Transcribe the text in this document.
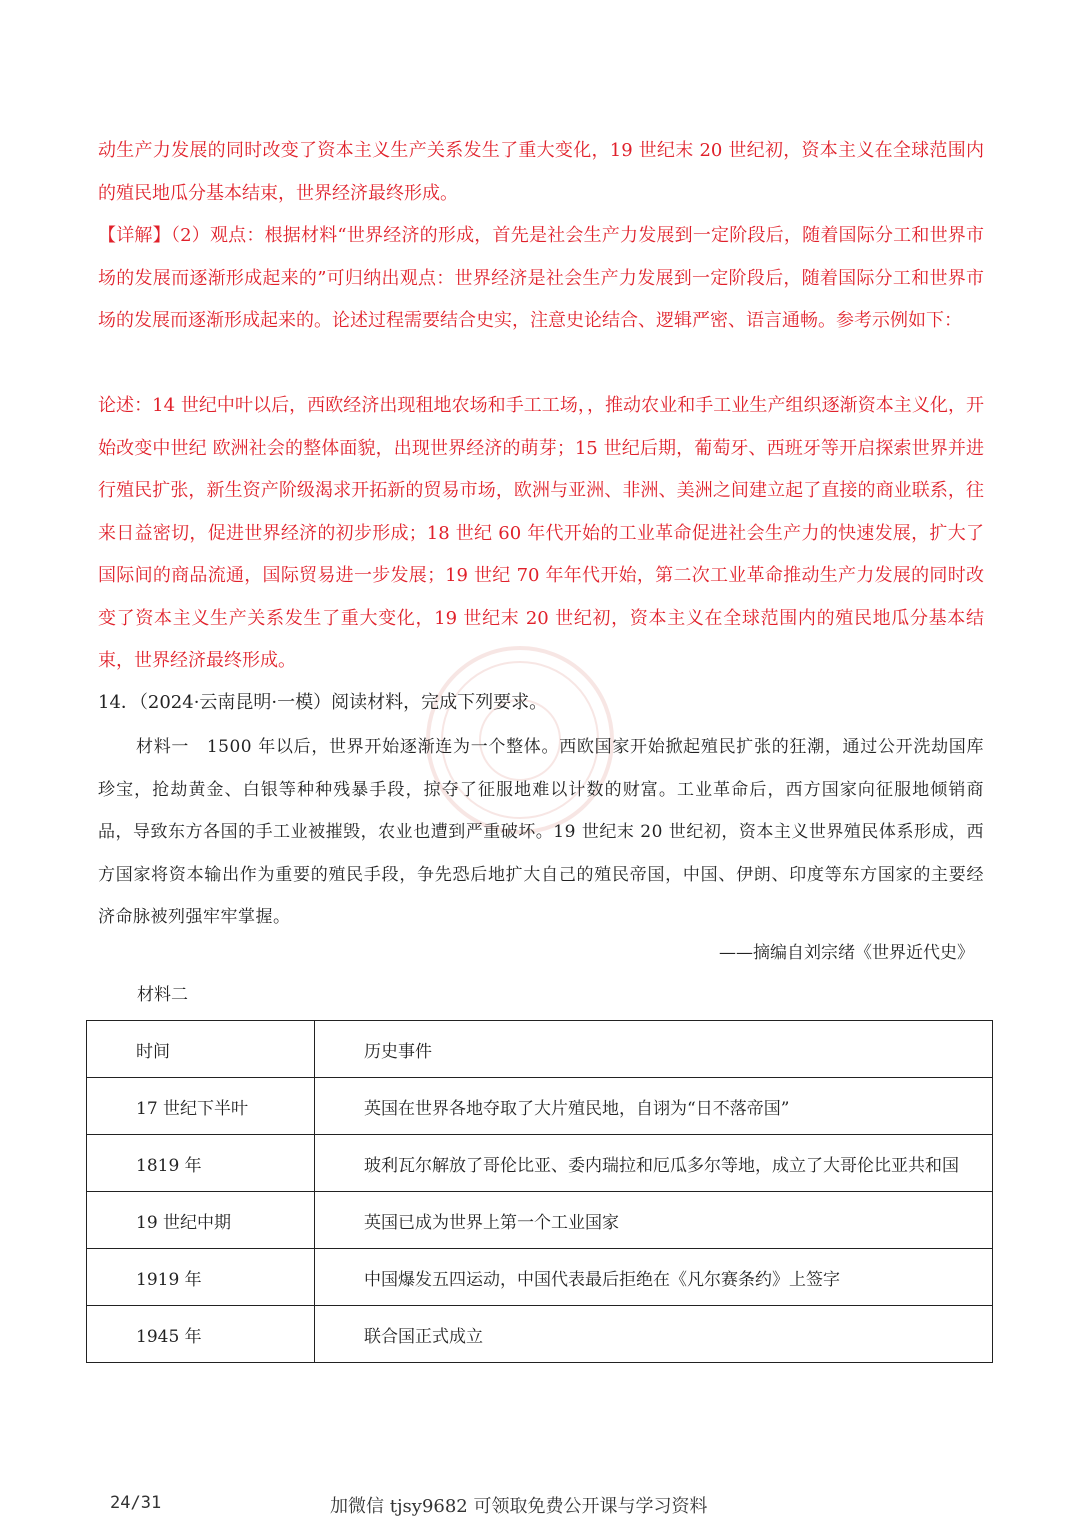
动生产力发展的同时改变了资本主义生产关系发生了重大变化，19 世纪末 20 世纪初，资本主义在全球范围内的殖民地瓜分基本结束，世界经济最终形成。

【详解】（2）观点：根据材料“世界经济的形成，首先是社会生产力发展到一定阶段后，随着国际分工和世界市场的发展而逐渐形成起来的”可归纳出观点：世界经济是社会生产力发展到一定阶段后，随着国际分工和世界市场的发展而逐渐形成起来的。论述过程需要结合史实，注意史论结合、逻辑严密、语言通畅。参考示例如下：

论述：14 世纪中叶以后，西欧经济出现租地农场和手工工场，，推动农业和手工业生产组织逐渐资本主义化，开始改变中世纪 欧洲社会的整体面貌，出现世界经济的萌芽；15 世纪后期，葡萄牙、西班牙等开启探索世界并进行殖民扩张，新生资产阶级渴求开拓新的贸易市场，欧洲与亚洲、非洲、美洲之间建立起了直接的商业联系，往来日益密切，促进世界经济的初步形成；18 世纪 60 年代开始的工业革命促进社会生产力的快速发展，扩大了国际间的商品流通，国际贸易进一步发展；19 世纪 70 年年代开始，第二次工业革命推动生产力发展的同时改变了资本主义生产关系发生了重大变化，19 世纪末 20 世纪初，资本主义在全球范围内的殖民地瓜分基本结束，世界经济最终形成。

14．（2024·云南昆明·一模）阅读材料，完成下列要求。

材料一　1500 年以后，世界开始逐渐连为一个整体。西欧国家开始掀起殖民扩张的狂潮，通过公开洗劫国库珍宝，抢劫黄金、白银等种种残暴手段，掠夺了征服地难以计数的财富。工业革命后，西方国家向征服地倾销商品，导致东方各国的手工业被摧毁，农业也遭到严重破坏。19 世纪末 20 世纪初，资本主义世界殖民体系形成，西方国家将资本输出作为重要的殖民手段，争先恐后地扩大自己的殖民帝国，中国、伊朗、印度等东方国家的主要经济命脉被列强牢牢掌握。

——摘编自刘宗绪《世界近代史》
材料二
时间	历史事件
17 世纪下半叶	英国在世界各地夺取了大片殖民地，自诩为“日不落帝国”
1819 年	玻利瓦尔解放了哥伦比亚、委内瑞拉和厄瓜多尔等地，成立了大哥伦比亚共和国
19 世纪中期	英国已成为世界上第一个工业国家
1919 年	中国爆发五四运动，中国代表最后拒绝在《凡尔赛条约》上签字
1945 年	联合国正式成立
24/31	加微信 tjsy9682 可领取免费公开课与学习资料
